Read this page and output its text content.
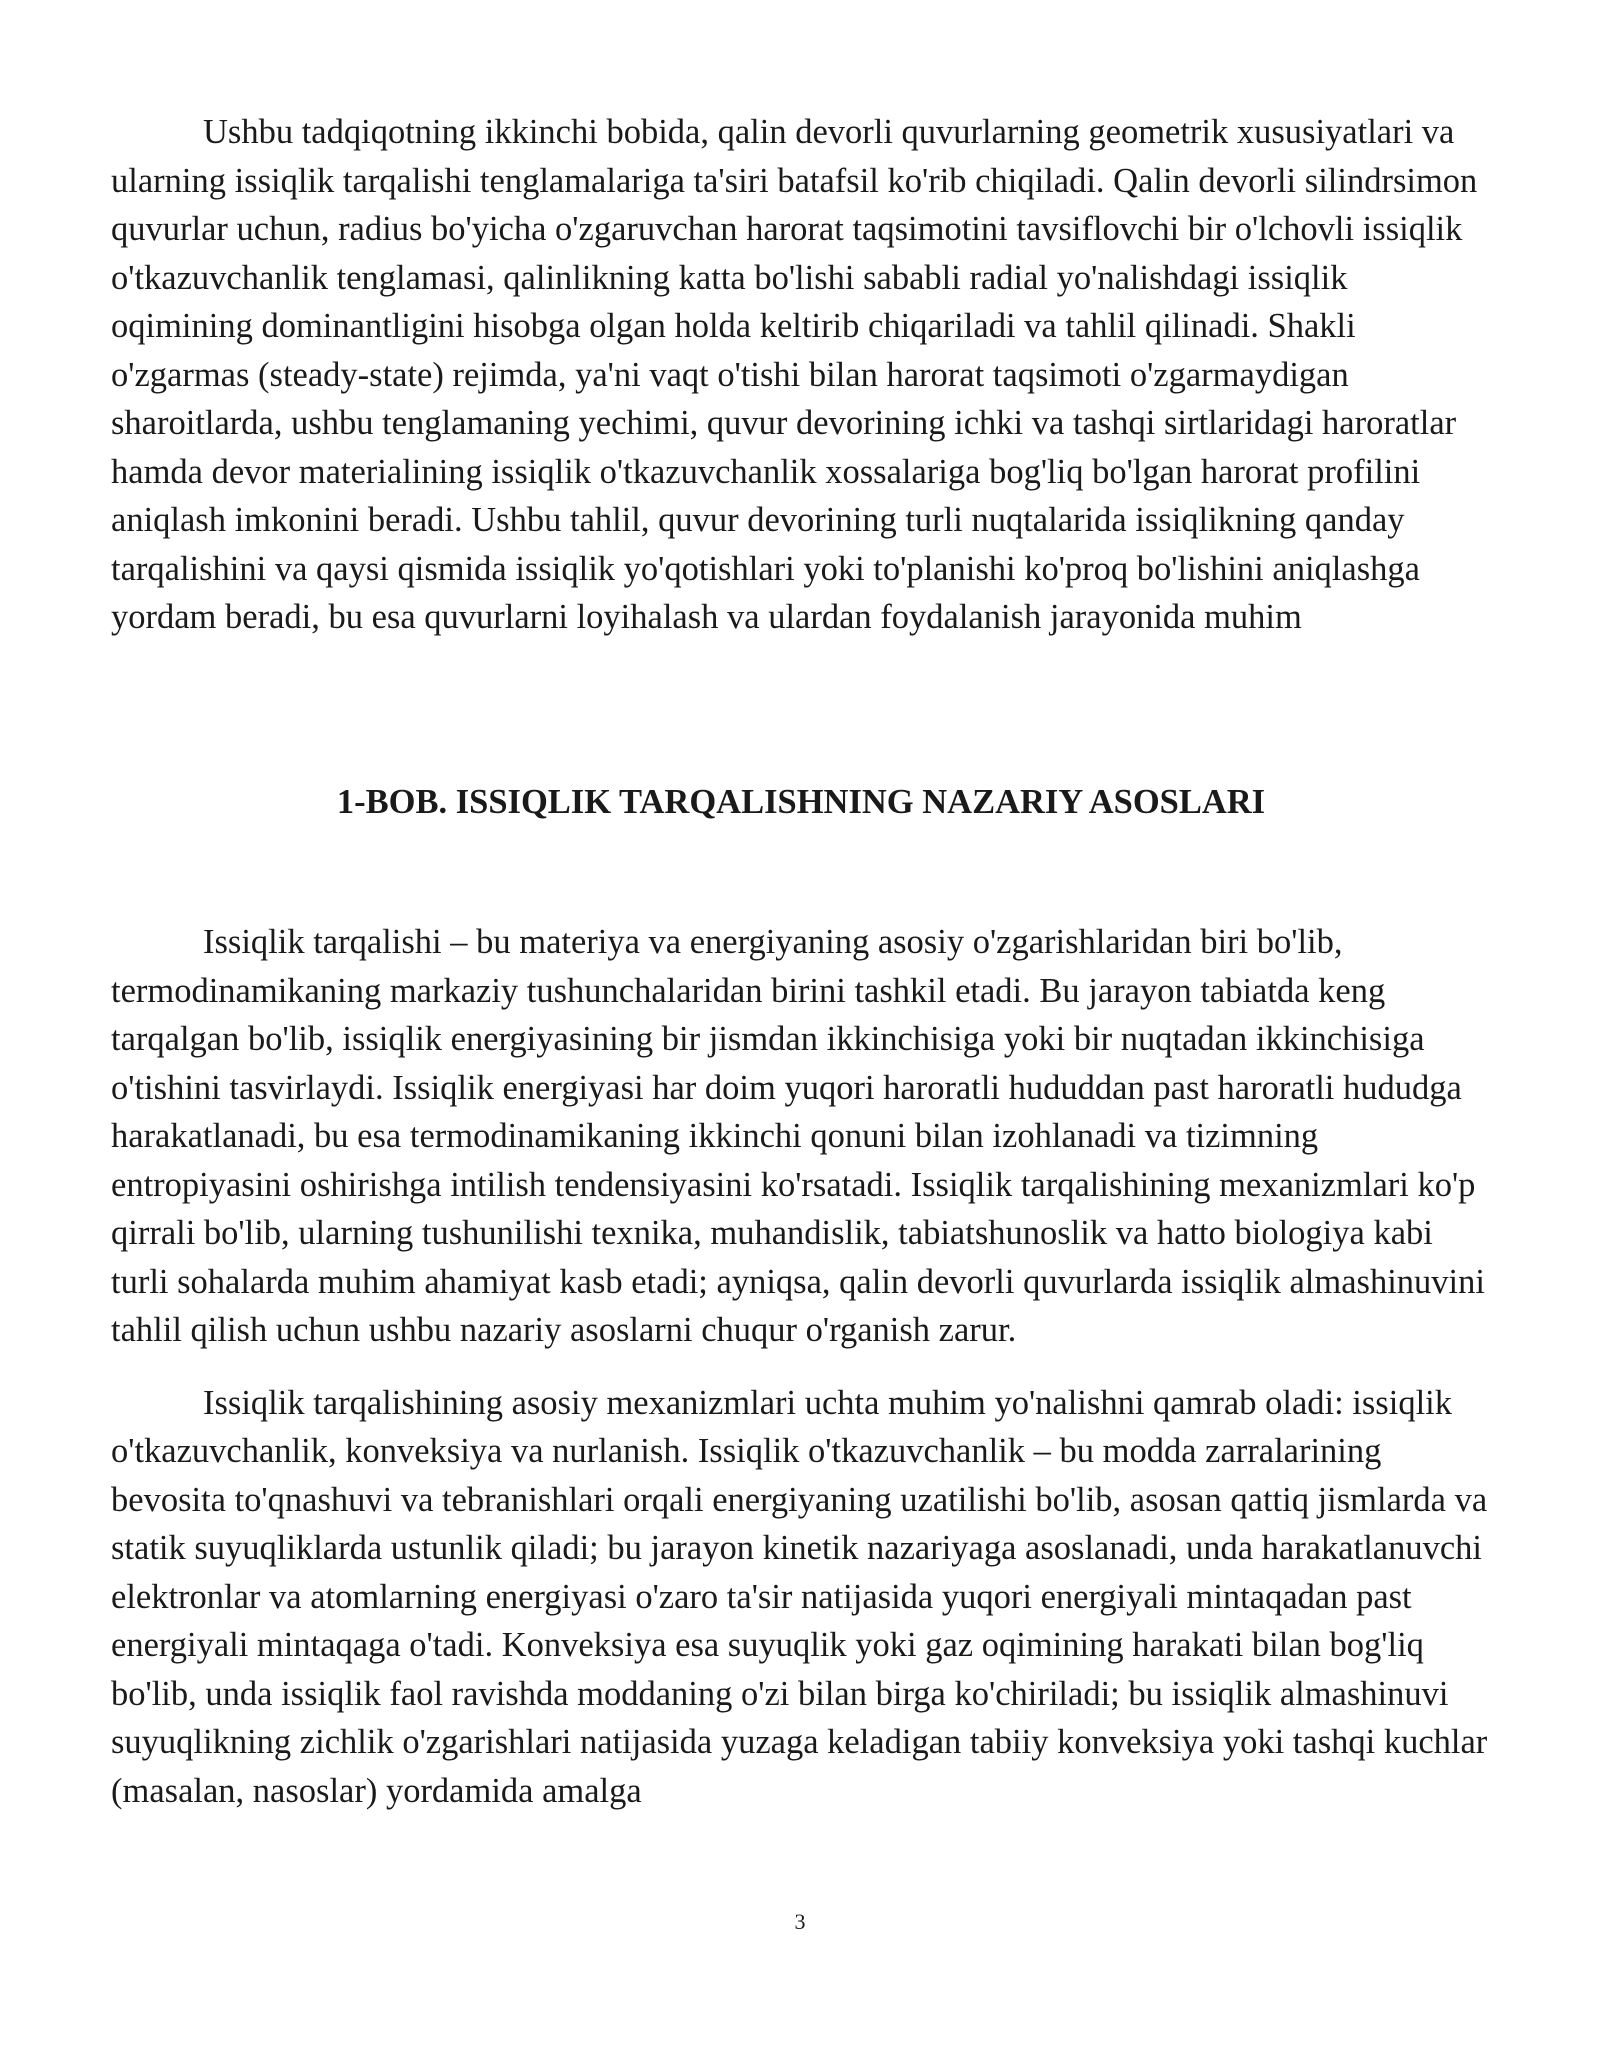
Ushbu tadqiqotning ikkinchi bobida, qalin devorli quvurlarning geometrik xususiyatlari va ularning issiqlik tarqalishi tenglamalariga ta'siri batafsil ko'rib chiqiladi. Qalin devorli silindrsimon quvurlar uchun, radius bo'yicha o'zgaruvchan harorat taqsimotini tavsiflovchi bir o'lchovli issiqlik o'tkazuvchanlik tenglamasi, qalinlikning katta bo'lishi sababli radial yo'nalishdagi issiqlik oqimining dominantligini hisobga olgan holda keltirib chiqariladi va tahlil qilinadi. Shakli o'zgarmas (steady-state) rejimda, ya'ni vaqt o'tishi bilan harorat taqsimoti o'zgarmaydigan sharoitlarda, ushbu tenglamaning yechimi, quvur devorining ichki va tashqi sirtlaridagi haroratlar hamda devor materialining issiqlik o'tkazuvchanlik xossalariga bog'liq bo'lgan harorat profilini aniqlash imkonini beradi. Ushbu tahlil, quvur devorining turli nuqtalarida issiqlikning qanday tarqalishini va qaysi qismida issiqlik yo'qotishlari yoki to'planishi ko'proq bo'lishini aniqlashga yordam beradi, bu esa quvurlarni loyihalash va ulardan foydalanish jarayonida muhim

1-BOB. ISSIQLIK TARQALISHNING NAZARIY ASOSLARI

Issiqlik tarqalishi – bu materiya va energiyaning asosiy o'zgarishlaridan biri bo'lib, termodinamikaning markaziy tushunchalaridan birini tashkil etadi. Bu jarayon tabiatda keng tarqalgan bo'lib, issiqlik energiyasining bir jismdan ikkinchisiga yoki bir nuqtadan ikkinchisiga o'tishini tasvirlaydi. Issiqlik energiyasi har doim yuqori haroratli hududdan past haroratli hududga harakatlanadi, bu esa termodinamikaning ikkinchi qonuni bilan izohlanadi va tizimning entropiyasini oshirishga intilish tendensiyasini ko'rsatadi. Issiqlik tarqalishining mexanizmlari ko'p qirrali bo'lib, ularning tushunilishi texnika, muhandislik, tabiatshunoslik va hatto biologiya kabi turli sohalarda muhim ahamiyat kasb etadi; ayniqsa, qalin devorli quvurlarda issiqlik almashinuvini tahlil qilish uchun ushbu nazariy asoslarni chuqur o'rganish zarur.

Issiqlik tarqalishining asosiy mexanizmlari uchta muhim yo'nalishni qamrab oladi: issiqlik o'tkazuvchanlik, konveksiya va nurlanish. Issiqlik o'tkazuvchanlik – bu modda zarralarining bevosita to'qnashuvi va tebranishlari orqali energiyaning uzatilishi bo'lib, asosan qattiq jismlarda va statik suyuqliklarda ustunlik qiladi; bu jarayon kinetik nazariyaga asoslanadi, unda harakatlanuvchi elektronlar va atomlarning energiyasi o'zaro ta'sir natijasida yuqori energiyali mintaqadan past energiyali mintaqaga o'tadi. Konveksiya esa suyuqlik yoki gaz oqimining harakati bilan bog'liq bo'lib, unda issiqlik faol ravishda moddaning o'zi bilan birga ko'chiriladi; bu issiqlik almashinuvi suyuqlikning zichlik o'zgarishlari natijasida yuzaga keladigan tabiiy konveksiya yoki tashqi kuchlar (masalan, nasoslar) yordamida amalga

3
